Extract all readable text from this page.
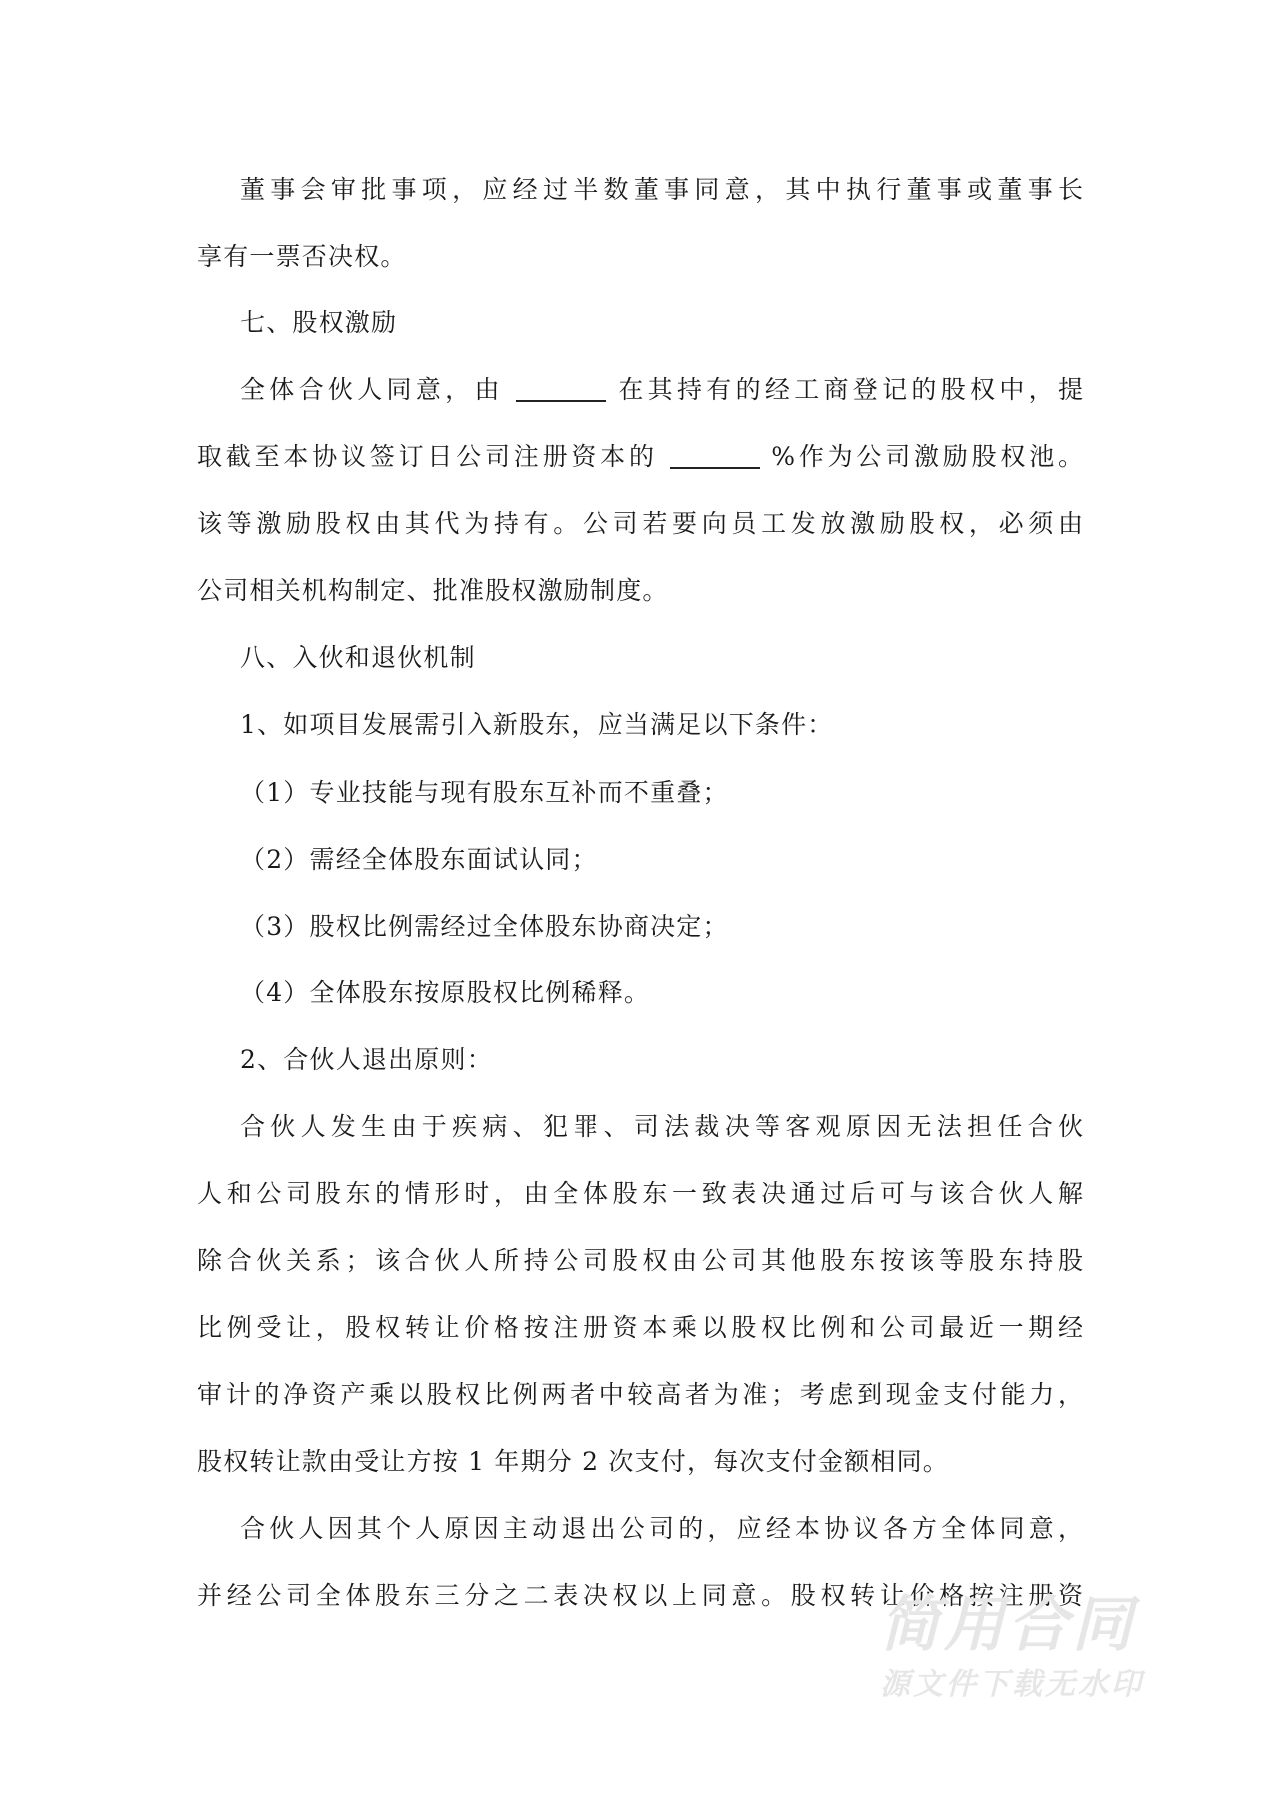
董事会审批事项，应经过半数董事同意，其中执行董事或董事长
享有一票否决权。
七、股权激励
全体合伙人同意，由	在其持有的经工商登记的股权中，提
取截至本协议签订日公司注册资本的	%作为公司激励股权池。
该等激励股权由其代为持有。公司若要向员工发放激励股权，必须由
公司相关机构制定、批准股权激励制度。
八、入伙和退伙机制
1、如项目发展需引入新股东，应当满足以下条件：
（1）专业技能与现有股东互补而不重叠；
（2）需经全体股东面试认同；
（3）股权比例需经过全体股东协商决定；
（4）全体股东按原股权比例稀释。
2、合伙人退出原则：
合伙人发生由于疾病、犯罪、司法裁决等客观原因无法担任合伙
人和公司股东的情形时，由全体股东一致表决通过后可与该合伙人解
除合伙关系；该合伙人所持公司股权由公司其他股东按该等股东持股
比例受让，股权转让价格按注册资本乘以股权比例和公司最近一期经
审计的净资产乘以股权比例两者中较高者为准；考虑到现金支付能力，
股权转让款由受让方按 1 年期分 2 次支付，每次支付金额相同。
合伙人因其个人原因主动退出公司的，应经本协议各方全体同意，
并经公司全体股东三分之二表决权以上同意。股权转让价格按注册资
简用合同
源文件下载无水印
